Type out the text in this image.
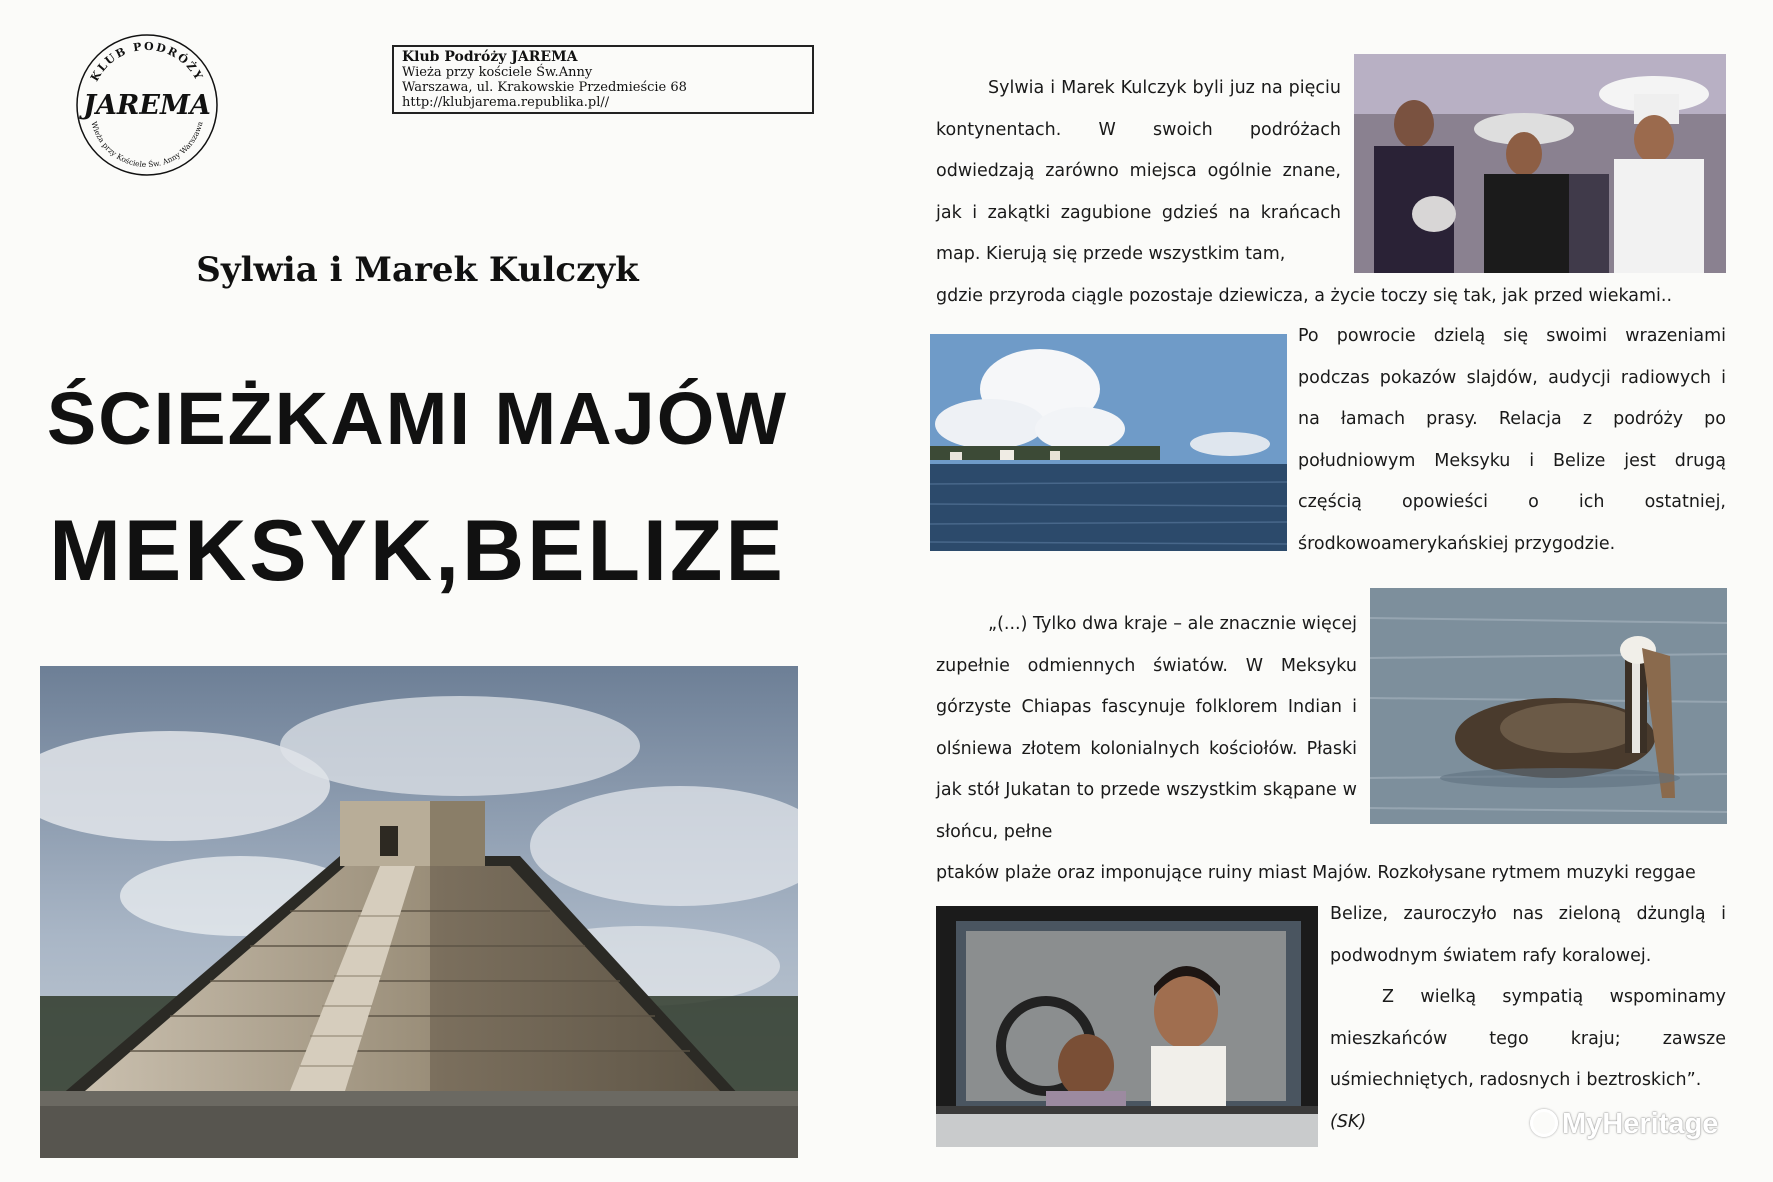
KLUB PODRÓŻY
Wieża przy Kościele Św. Anny Warszawa
JAREMA
Klub Podróży JAREMA
Wieża przy kościele Św.Anny
Warszawa, ul. Krakowskie Przedmieście 68
http://klubjarema.republika.pl//
Sylwia i Marek Kulczyk
ŚCIEŻKAMI MAJÓW
MEKSYK,BELIZE
Sylwia i Marek Kulczyk byli juz na pięciu kontynentach. W swoich podróżach odwiedzają zarówno miejsca ogólnie znane, jak i zakątki zagubione gdzieś na krańcach map. Kierują się przede wszystkim tam,
gdzie przyroda ciągle pozostaje dziewicza, a życie toczy się tak, jak przed wiekami..
Po powrocie dzielą się swoimi wrazeniami podczas pokazów slajdów, audycji radiowych i na łamach prasy. Relacja z podróży po południowym Meksyku i Belize jest drugą częścią opowieści o ich ostatniej, środkowoamerykańskiej przygodzie.
„(...) Tylko dwa kraje – ale znacznie więcej zupełnie odmiennych światów. W Meksyku górzyste Chiapas fascynuje folklorem Indian i olśniewa złotem kolonialnych kościołów. Płaski jak stół Jukatan to przede wszystkim skąpane w słońcu, pełne
ptaków plaże oraz imponujące ruiny miast Majów. Rozkołysane rytmem muzyki reggae
Belize, zauroczyło nas zieloną dżunglą i podwodnym światem rafy koralowej.
Z wielką sympatią wspominamy mieszkańców tego kraju; zawsze uśmiechniętych, radosnych i beztroskich”.
(SK)	MyHeritage
